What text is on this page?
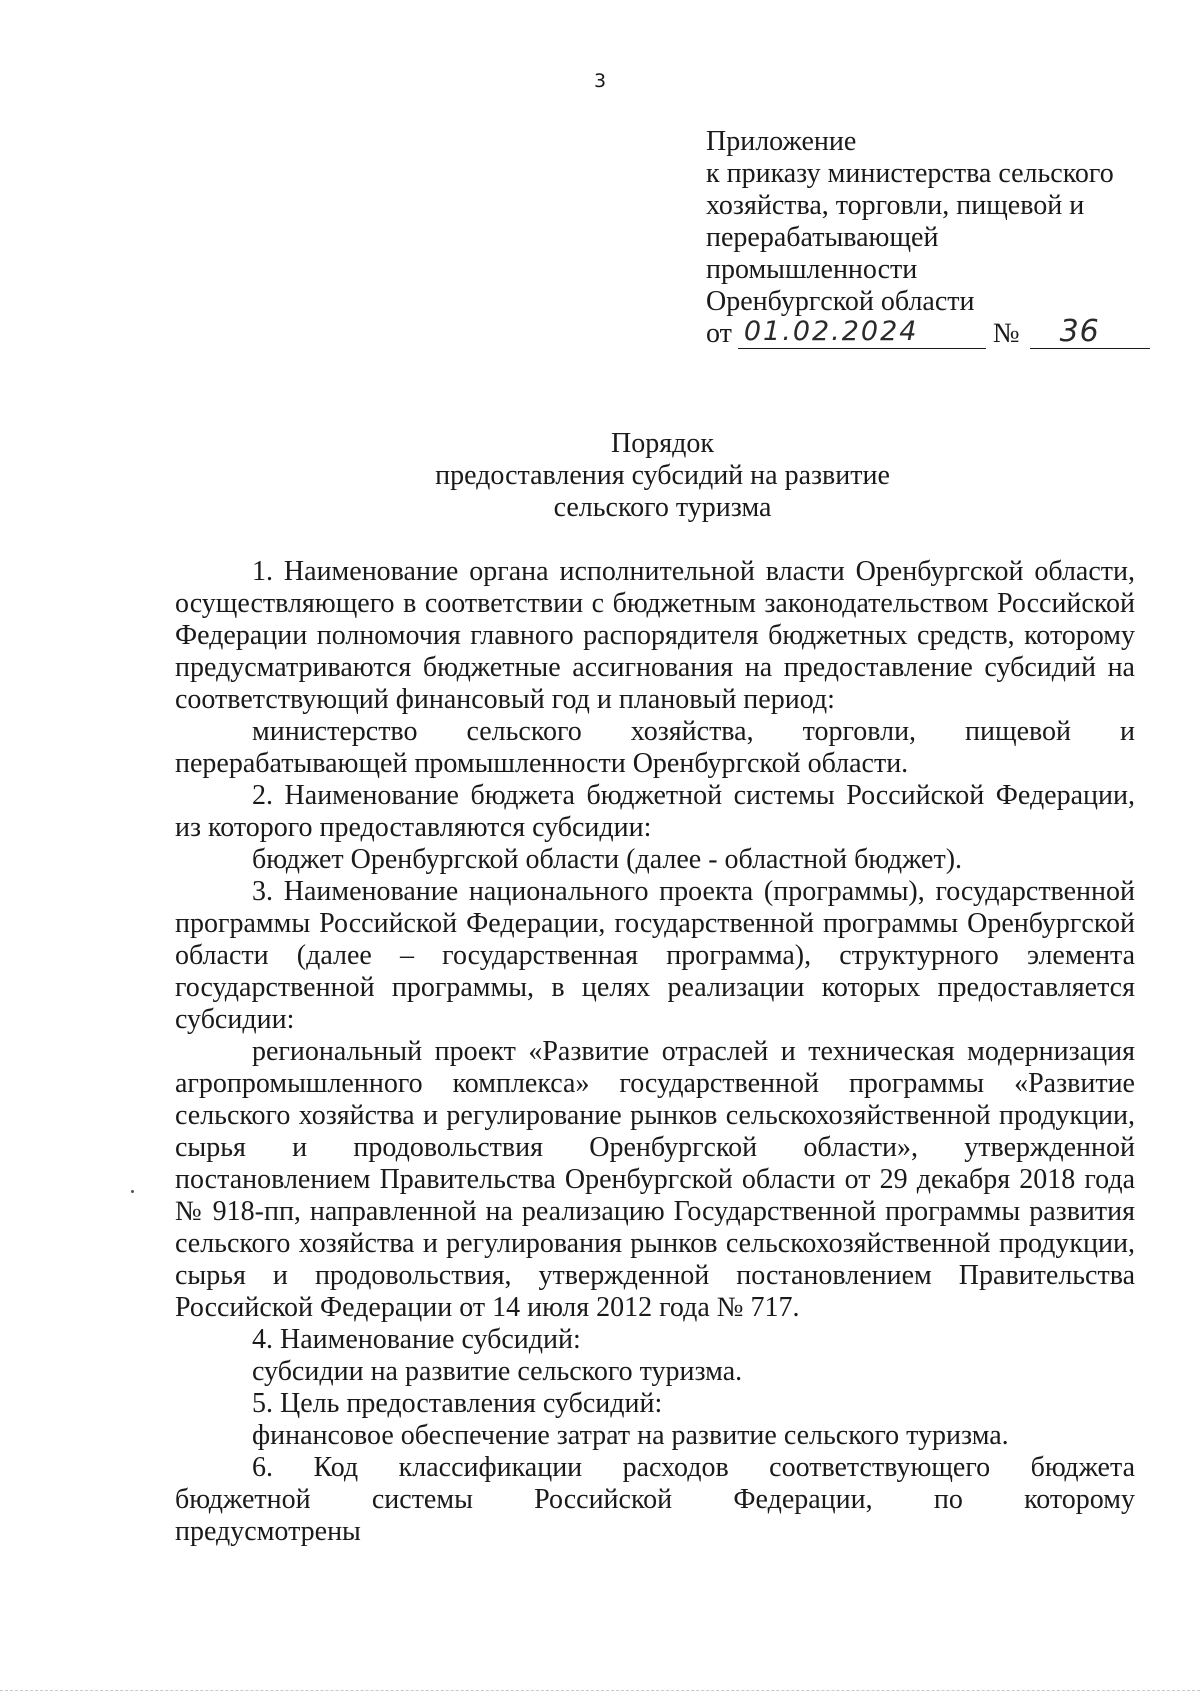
3
Приложение
к приказу министерства сельского
хозяйства, торговли, пищевой и
перерабатывающей
промышленности
Оренбургской области
от 01.02.2024	№ 36
Порядок
предоставления субсидий на развитие
сельского туризма

1. Наименование органа исполнительной власти Оренбургской области, осуществляющего в соответствии с бюджетным законодательством Российской Федерации полномочия главного распорядителя бюджетных средств, которому предусматриваются бюджетные ассигнования на предоставление субсидий на соответствующий финансовый год и плановый период:

министерство сельского хозяйства, торговли, пищевой и перерабатывающей промышленности Оренбургской области.

2. Наименование бюджета бюджетной системы Российской Федерации, из которого предоставляются субсидии:

бюджет Оренбургской области (далее - областной бюджет).

3. Наименование национального проекта (программы), государственной программы Российской Федерации, государственной программы Оренбургской области (далее – государственная программа), структурного элемента государственной программы, в целях реализации которых предоставляется субсидии:

региональный проект «Развитие отраслей и техническая модернизация агропромышленного комплекса» государственной программы «Развитие сельского хозяйства и регулирование рынков сельскохозяйственной продукции, сырья и продовольствия Оренбургской области», утвержденной постановлением Правительства Оренбургской области от 29 декабря 2018 года № 918-пп, направленной на реализацию Государственной программы развития сельского хозяйства и регулирования рынков сельскохозяйственной продукции, сырья и продовольствия, утвержденной постановлением Правительства Российской Федерации от 14 июля 2012 года № 717.

4. Наименование субсидий:

субсидии на развитие сельского туризма.

5. Цель предоставления субсидий:

финансовое обеспечение затрат на развитие сельского туризма.

6. Код классификации расходов соответствующего бюджета бюджетной системы Российской Федерации, по которому предусмотрены
